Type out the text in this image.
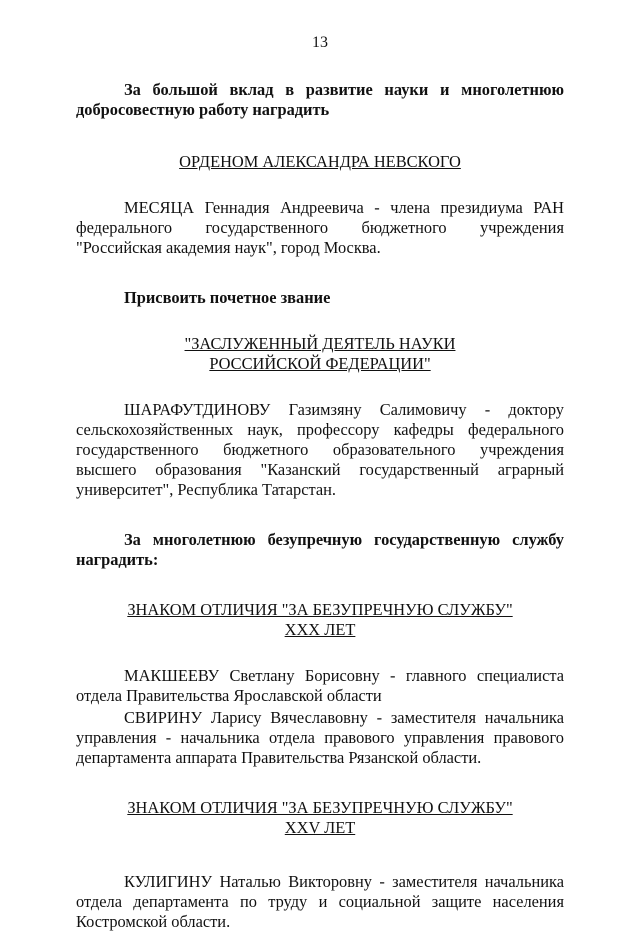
13

За большой вклад в развитие науки и многолетнюю добросовестную работу наградить

ОРДЕНОМ АЛЕКСАНДРА НЕВСКОГО

МЕСЯЦА Геннадия Андреевича - члена президиума РАН федерального государственного бюджетного учреждения "Российская академия наук", город Москва.

Присвоить почетное звание

"ЗАСЛУЖЕННЫЙ ДЕЯТЕЛЬ НАУКИ
РОССИЙСКОЙ ФЕДЕРАЦИИ"

ШАРАФУТДИНОВУ Газимзяну Салимовичу - доктору сельскохозяйственных наук, профессору кафедры федерального государственного бюджетного образовательного учреждения высшего образования "Казанский государственный аграрный университет", Республика Татарстан.

За многолетнюю безупречную государственную службу наградить:

ЗНАКОМ ОТЛИЧИЯ "ЗА БЕЗУПРЕЧНУЮ СЛУЖБУ"
XXX ЛЕТ

МАКШЕЕВУ Светлану Борисовну - главного специалиста отдела Правительства Ярославской области

СВИРИНУ Ларису Вячеславовну - заместителя начальника управления - начальника отдела правового управления правового департамента аппарата Правительства Рязанской области.

ЗНАКОМ ОТЛИЧИЯ "ЗА БЕЗУПРЕЧНУЮ СЛУЖБУ"
XXV ЛЕТ

КУЛИГИНУ Наталью Викторовну - заместителя начальника отдела департамента по труду и социальной защите населения Костромской области.
